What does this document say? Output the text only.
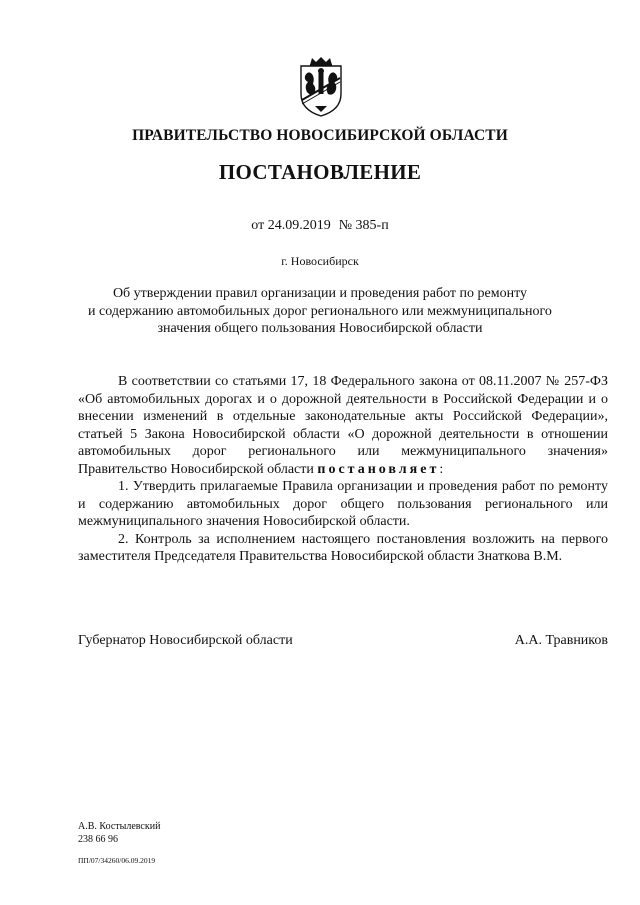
ПРАВИТЕЛЬСТВО НОВОСИБИРСКОЙ ОБЛАСТИ
ПОСТАНОВЛЕНИЕ
от 24.09.2019 № 385-п
г. Новосибирск
Об утверждении правил организации и проведения работ по ремонту
и содержанию автомобильных дорог регионального или межмуниципального
значения общего пользования Новосибирской области

В соответствии со статьями 17, 18 Федерального закона от 08.11.2007 № 257-ФЗ «Об автомобильных дорогах и о дорожной деятельности в Российской Федерации и о внесении изменений в отдельные законодательные акты Российской Федерации», статьей 5 Закона Новосибирской области «О дорожной деятельности в отношении автомобильных дорог регионального или межмуниципального значения» Правительство Новосибирской области постановляет:

1. Утвердить прилагаемые Правила организации и проведения работ по ремонту и содержанию автомобильных дорог общего пользования регионального или межмуниципального значения Новосибирской области.

2. Контроль за исполнением настоящего постановления возложить на первого заместителя Председателя Правительства Новосибирской области Знаткова В.М.

Губернатор Новосибирской области	А.А. Травников
А.В. Костылевский
238 66 96
ПП/07/34260/06.09.2019
